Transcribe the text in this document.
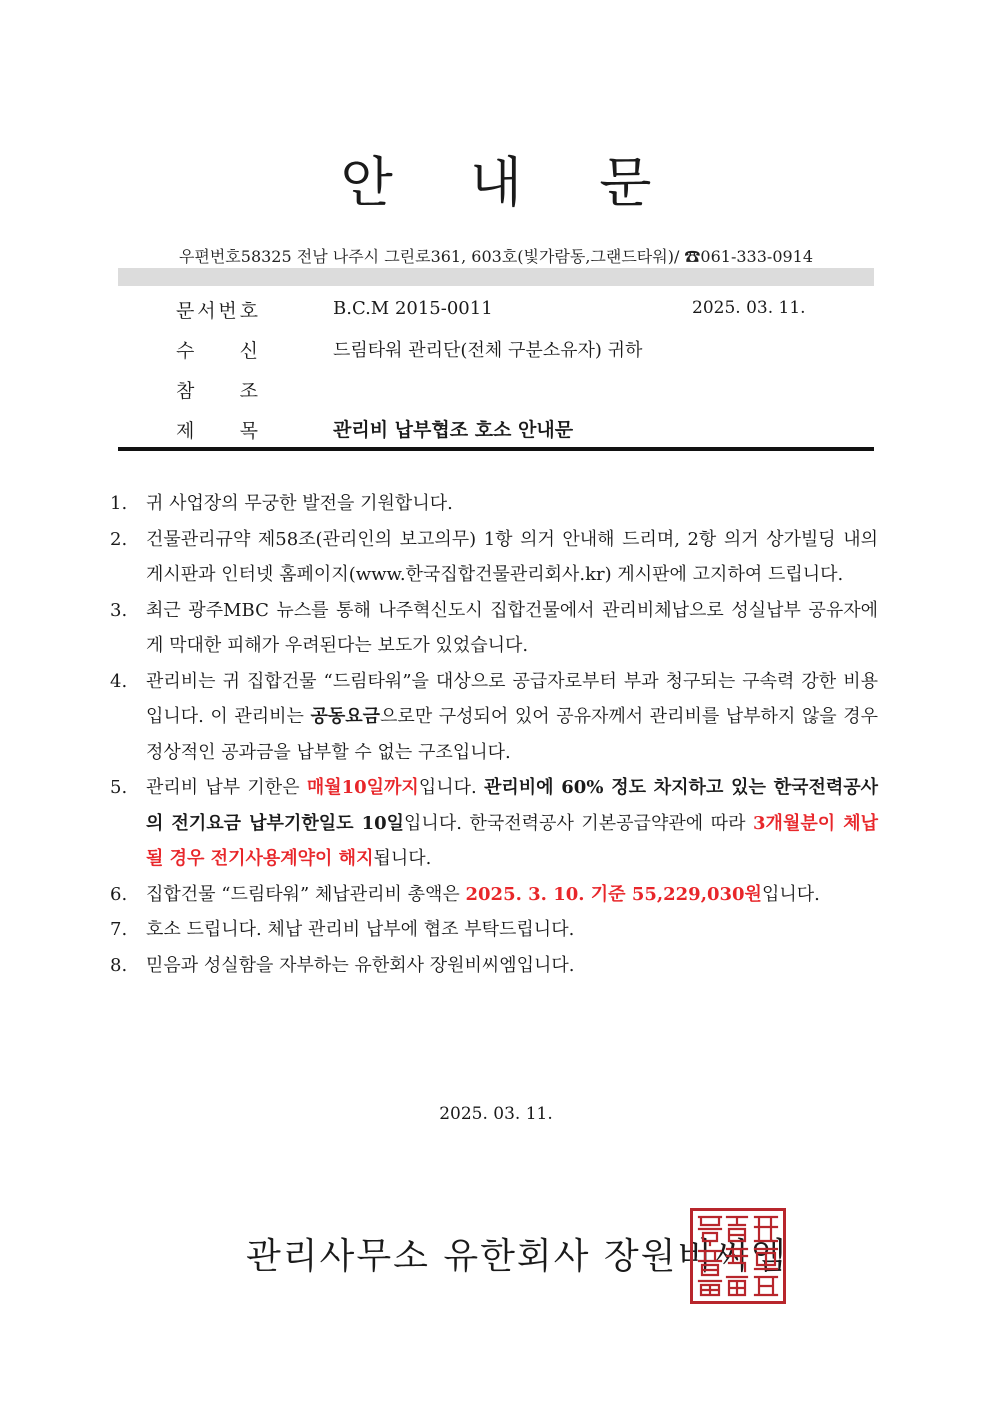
안 내 문
우편번호58325 전남 나주시 그린로361, 603호(빛가람동,그랜드타워)/ ☎061-333-0914
문 서 번 호	B.C.M 2015-0011	2025. 03. 11.
수 신	드림타워 관리단(전체 구분소유자) 귀하
참 조
제 목	관리비 납부협조 호소 안내문
1.	귀 사업장의 무궁한 발전을 기원합니다.
2.	건물관리규약 제58조(관리인의 보고의무) 1항 의거 안내해 드리며, 2항 의거 상가빌딩 내의 게시판과 인터넷 홈페이지(www.한국집합건물관리회사.kr) 게시판에 고지하여 드립니다.
3.	최근 광주MBC 뉴스를 통해 나주혁신도시 집합건물에서 관리비체납으로 성실납부 공유자에게 막대한 피해가 우려된다는 보도가 있었습니다.
4.	관리비는 귀 집합건물 “드림타워”을 대상으로 공급자로부터 부과 청구되는 구속력 강한 비용입니다. 이 관리비는 공동요금으로만 구성되어 있어 공유자께서 관리비를 납부하지 않을 경우 정상적인 공과금을 납부할 수 없는 구조입니다.
5.	관리비 납부 기한은 매월10일까지입니다. 관리비에 60% 정도 차지하고 있는 한국전력공사의 전기요금 납부기한일도 10일입니다. 한국전력공사 기본공급약관에 따라 3개월분이 체납될 경우 전기사용계약이 해지됩니다.
6.	집합건물 “드림타워” 체납관리비 총액은 2025. 3. 10. 기준 55,229,030원입니다.
7.	호소 드립니다. 체납 관리비 납부에 협조 부탁드립니다.
8.	믿음과 성실함을 자부하는 유한회사 장원비씨엠입니다.
2025. 03. 11.
관리사무소 유한회사 장원비씨엠
